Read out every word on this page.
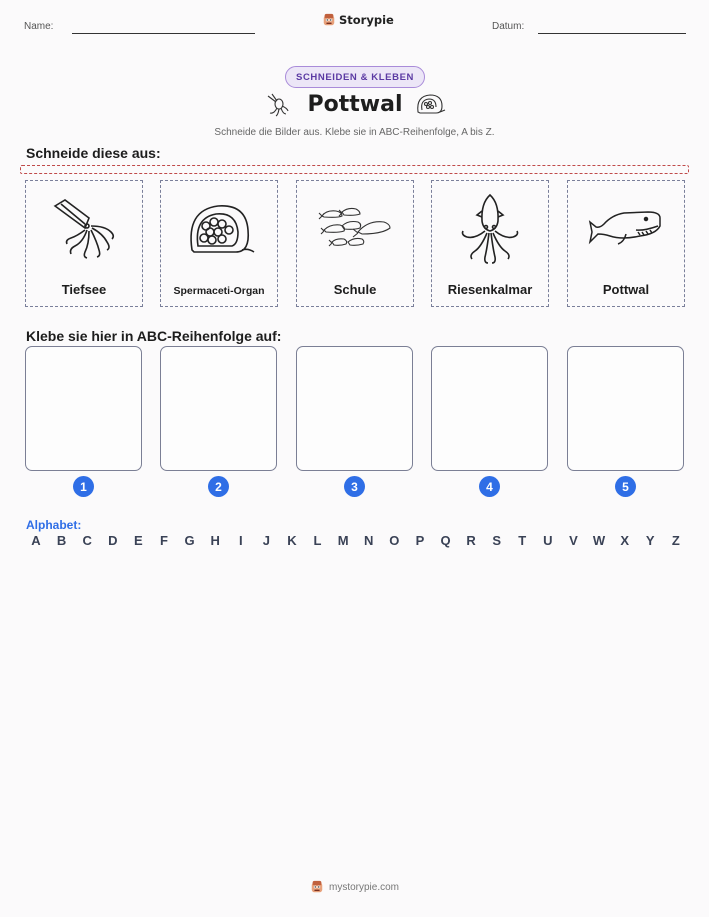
Name:	Storypie	Datum:
SCHNEIDEN & KLEBEN
Pottwal
Schneide die Bilder aus. Klebe sie in ABC-Reihenfolge, A bis Z.
Schneide diese aus:
Tiefsee	Spermaceti-Organ	Schule	Riesenkalmar	Pottwal
Klebe sie hier in ABC-Reihenfolge auf:
1	2	3	4	5
Alphabet:
A	B	C	D	E	F	G	H	I	J	K	L	M	N	O	P	Q	R	S	T	U	V	W	X	Y	Z
mystorypie.com
